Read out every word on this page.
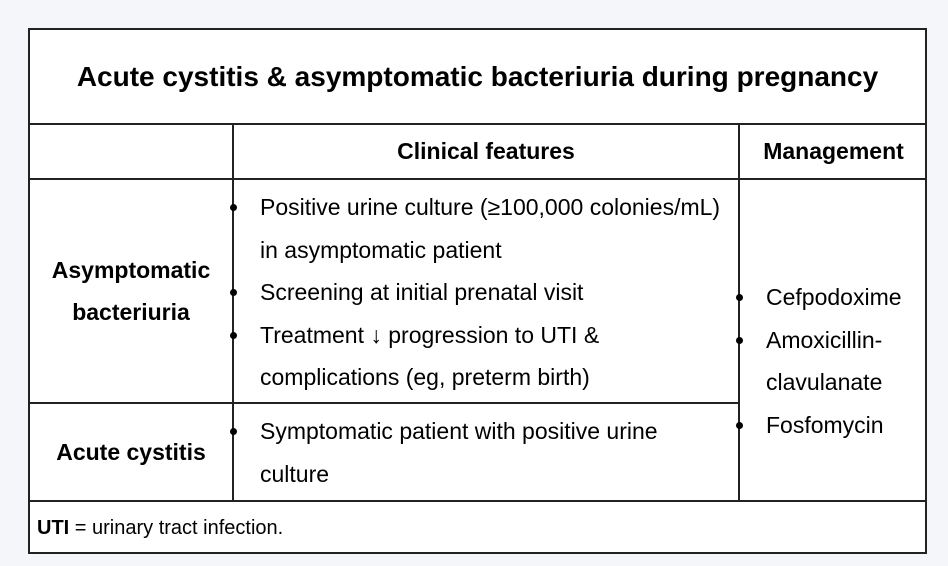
Acute cystitis & asymptomatic bacteriuria during pregnancy
Clinical features	Management
Asymptomatic bacteriuria
Positive urine culture (≥100,000 colonies/mL) in asymptomatic patient
Screening at initial prenatal visit
Treatment ↓ progression to UTI & complications (eg, preterm birth)
Acute cystitis
Symptomatic patient with positive urine culture
Cefpodoxime
Amoxicillin-clavulanate
Fosfomycin
UTI = urinary tract infection.
